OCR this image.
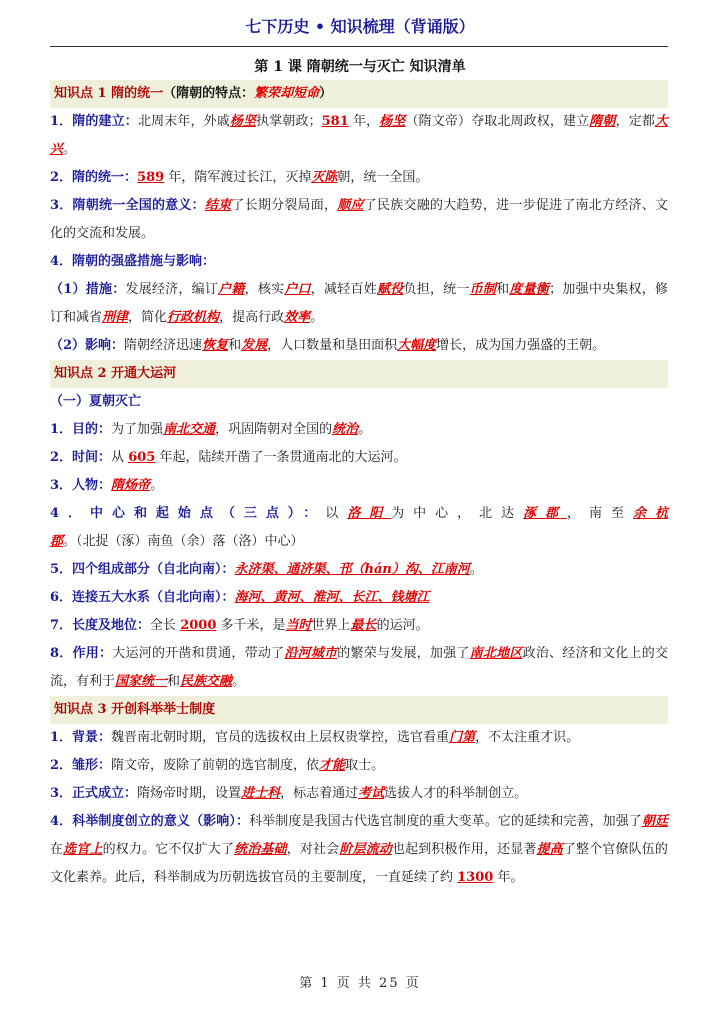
七下历史 • 知识梳理（背诵版）
第 1 课 隋朝统一与灭亡 知识清单
知识点 1 隋的统一（隋朝的特点：繁荣却短命）

1．隋的建立：北周末年，外戚杨坚执掌朝政；581 年，杨坚（隋文帝）夺取北周政权，建立隋朝，定都大兴。

2．隋的统一：589 年，隋军渡过长江，灭掉灭陈朝，统一全国。

3．隋朝统一全国的意义：结束了长期分裂局面，顺应了民族交融的大趋势，进一步促进了南北方经济、文化的交流和发展。

4．隋朝的强盛措施与影响：

（1）措施：发展经济，编订户籍，核实户口，减轻百姓赋役负担，统一币制和度量衡；加强中央集权，修订和减省刑律，简化行政机构，提高行政效率。

（2）影响：隋朝经济迅速恢复和发展，人口数量和垦田面积大幅度增长，成为国力强盛的王朝。

知识点 2 开通大运河

（一）夏朝灭亡

1．目的：为了加强南北交通，巩固隋朝对全国的统治。

2．时间：从 605 年起，陆续开凿了一条贯通南北的大运河。

3．人物：隋炀帝。

4．中心和起始点（三点）：以洛阳为中心，北达涿郡，南至余杭郡。（北捉（涿）南鱼（余）落（洛）中心）

5．四个组成部分（自北向南）：永济渠、通济渠、邗（hán）沟、江南河。

6．连接五大水系（自北向南）：海河、黄河、淮河、长江、钱塘江

7．长度及地位：全长 2000 多千米，是当时世界上最长的运河。

8．作用：大运河的开凿和贯通，带动了沿河城市的繁荣与发展，加强了南北地区政治、经济和文化上的交流，有利于国家统一和民族交融。

知识点 3 开创科举举士制度

1．背景：魏晋南北朝时期，官员的选拔权由上层权贵掌控，选官看重门第，不太注重才识。

2．雏形：隋文帝，废除了前朝的选官制度，依才能取士。

3．正式成立：隋炀帝时期，设置进士科，标志着通过考试选拔人才的科举制创立。

4．科举制度创立的意义（影响）：科举制度是我国古代选官制度的重大变革。它的延续和完善，加强了朝廷在选官上的权力。它不仅扩大了统治基础，对社会阶层流动也起到积极作用，还显著提高了整个官僚队伍的文化素养。此后，科举制成为历朝选拔官员的主要制度，一直延续了约 1300 年。

第 1 页 共 25 页
